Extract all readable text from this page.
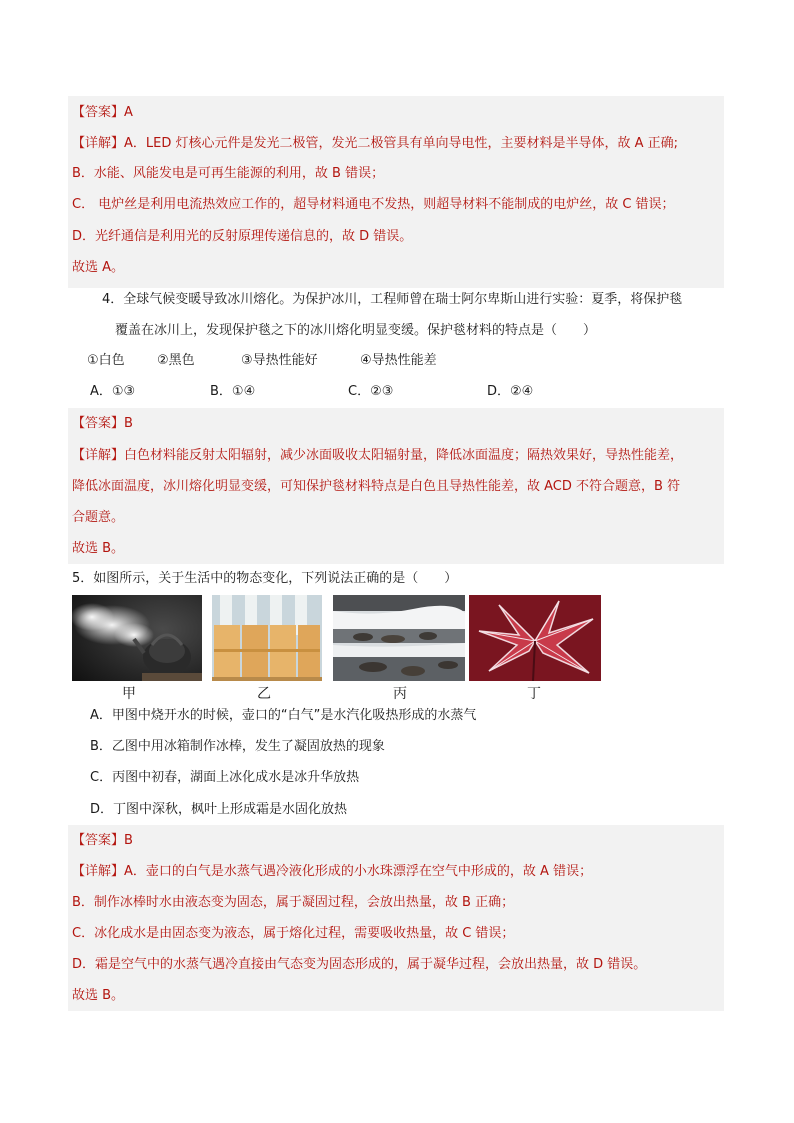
【答案】A
【详解】A．LED 灯核心元件是发光二极管，发光二极管具有单向导电性，主要材料是半导体，故 A 正确;
B．水能、风能发电是可再生能源的利用，故 B 错误；
C． 电炉丝是利用电流热效应工作的，超导材料通电不发热，则超导材料不能制成的电炉丝，故 C 错误；
D．光纤通信是利用光的反射原理传递信息的，故 D 错误。
故选 A。
4．全球气候变暖导致冰川熔化。为保护冰川，工程师曾在瑞士阿尔卑斯山进行实验：夏季，将保护毯
覆盖在冰川上，发现保护毯之下的冰川熔化明显变缓。保护毯材料的特点是（　　）
①白色 ②黑色	③导热性能好	④导热性能差
A．①③	B．①④	C．②③	D．②④
【答案】B
【详解】白色材料能反射太阳辐射，减少冰面吸收太阳辐射量，降低冰面温度；隔热效果好，导热性能差，
降低冰面温度，冰川熔化明显变缓，可知保护毯材料特点是白色且导热性能差，故 ACD 不符合题意，B 符
合题意。
故选 B。
5．如图所示，关于生活中的物态变化，下列说法正确的是（　　）
甲	乙	丙	丁
A．甲图中烧开水的时候，壶口的“白气”是水汽化吸热形成的水蒸气
B．乙图中用冰箱制作冰棒，发生了凝固放热的现象
C．丙图中初春，湖面上冰化成水是冰升华放热
D．丁图中深秋，枫叶上形成霜是水固化放热
【答案】B
【详解】A．壶口的白气是水蒸气遇冷液化形成的小水珠漂浮在空气中形成的，故 A 错误；
B．制作冰棒时水由液态变为固态，属于凝固过程，会放出热量，故 B 正确；
C．冰化成水是由固态变为液态，属于熔化过程，需要吸收热量，故 C 错误；
D．霜是空气中的水蒸气遇冷直接由气态变为固态形成的，属于凝华过程，会放出热量，故 D 错误。
故选 B。
